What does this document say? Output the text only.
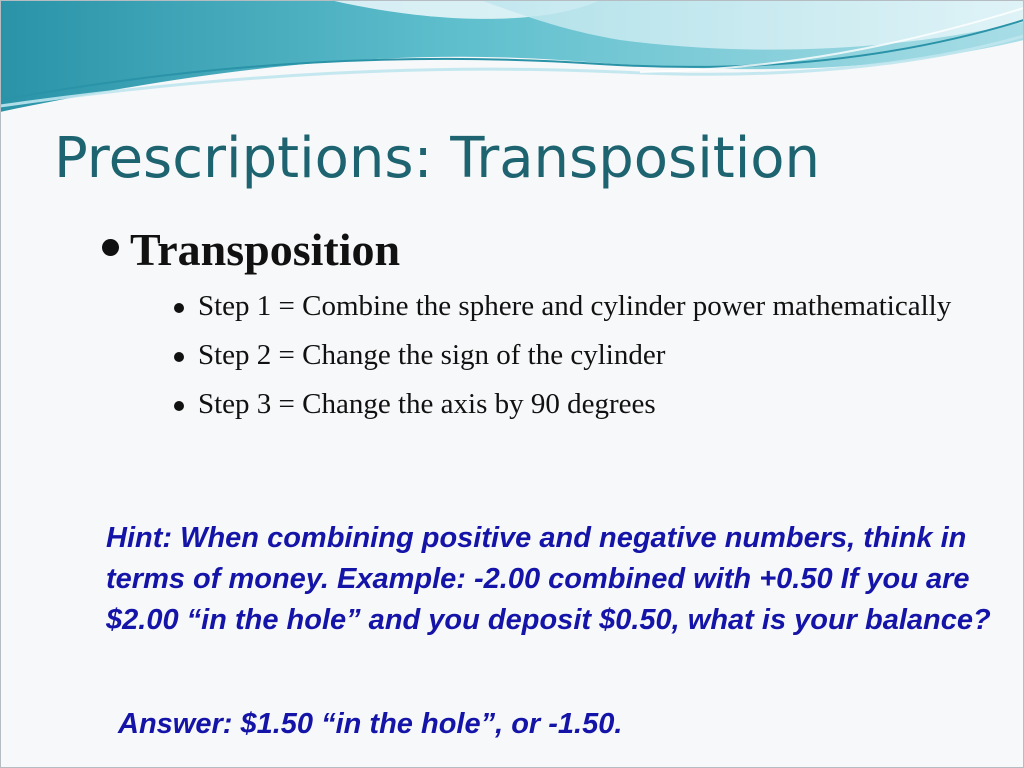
Prescriptions: Transposition
Transposition
Step 1 = Combine the sphere and cylinder power mathematically
Step 2 = Change the sign of the cylinder
Step 3 = Change the axis by 90 degrees

Hint: When combining positive and negative numbers, think in terms of money. Example: -2.00 combined with +0.50 If you are $2.00 “in the hole” and you deposit $0.50, what is your balance?

Answer: $1.50 “in the hole”, or -1.50.
